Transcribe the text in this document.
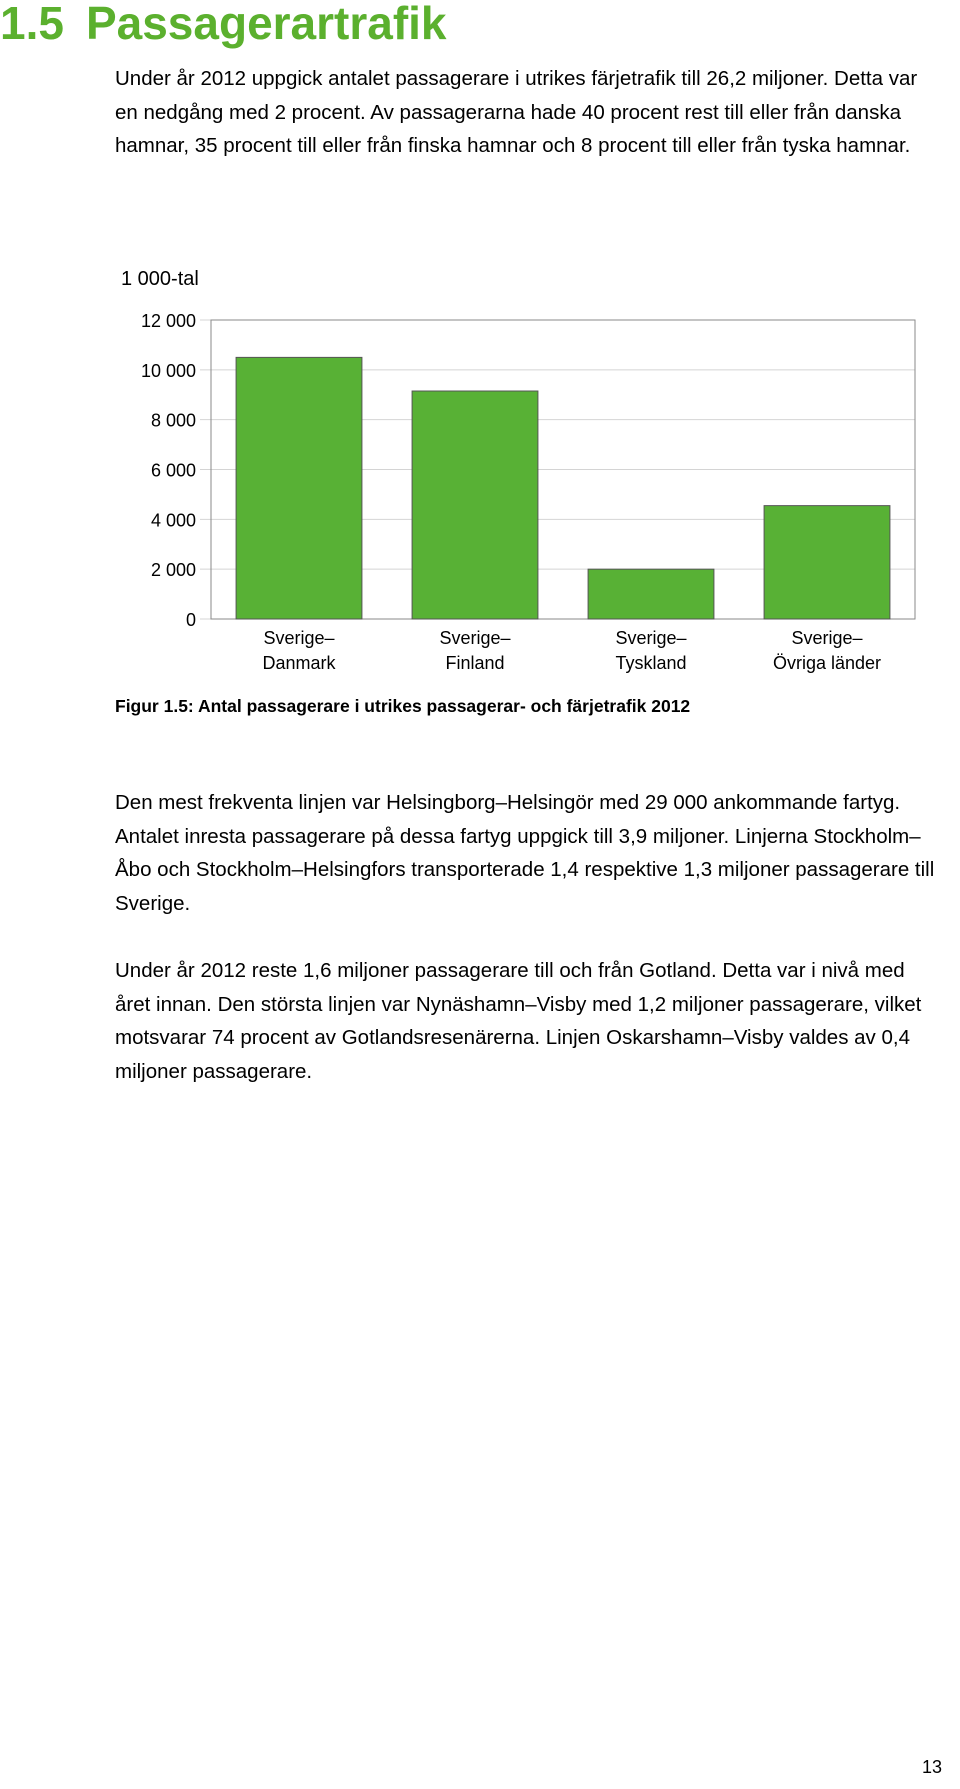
1.5 Passagerartrafik

Under år 2012 uppgick antalet passagerare i utrikes färjetrafik till 26,2 miljoner. Detta var en nedgång med 2 procent. Av passagerarna hade 40 procent rest till eller från danska hamnar, 35 procent till eller från finska hamnar och 8 procent till eller från tyska hamnar.

0
2 000
4 000
6 000
8 000
10 000
12 000
Sverige–
Danmark
Sverige–
Finland
Sverige–
Tyskland
Sverige–
Övriga länder
1 000-tal

Figur 1.5: Antal passagerare i utrikes passagerar- och färjetrafik 2012

Den mest frekventa linjen var Helsingborg–Helsingör med 29 000 ankommande fartyg. Antalet inresta passagerare på dessa fartyg uppgick till 3,9 miljoner. Linjerna Stockholm–Åbo och Stockholm–Helsingfors transporterade 1,4 respektive 1,3 miljoner passagerare till Sverige.

Under år 2012 reste 1,6 miljoner passagerare till och från Gotland. Detta var i nivå med året innan. Den största linjen var Nynäshamn–Visby med 1,2 miljoner passagerare, vilket motsvarar 74 procent av Gotlandsresenärerna. Linjen Oskarshamn–Visby valdes av 0,4 miljoner passagerare.

13
